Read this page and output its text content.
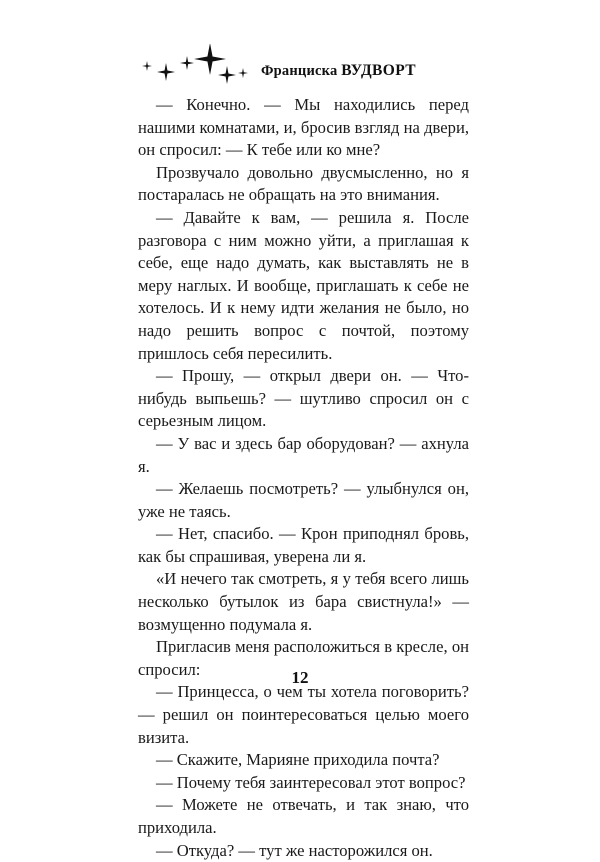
Франциска ВУДВОРТ

— Конечно. — Мы находились перед нашими комнатами, и, бросив взгляд на двери, он спросил: — К тебе или ко мне?

Прозвучало довольно двусмысленно, но я постаралась не обращать на это внимания.

— Давайте к вам, — решила я. После разговора с ним можно уйти, а приглашая к себе, еще надо думать, как выставлять не в меру наглых. И вообще, приглашать к себе не хотелось. И к нему идти желания не было, но надо решить вопрос с почтой, поэтому пришлось себя пересилить.

— Прошу, — открыл двери он. — Что-нибудь выпьешь? — шутливо спросил он с серьезным лицом.

— У вас и здесь бар оборудован? — ахнула я.

— Желаешь посмотреть? — улыбнулся он, уже не таясь.

— Нет, спасибо. — Крон приподнял бровь, как бы спрашивая, уверена ли я.

«И нечего так смотреть, я у тебя всего лишь несколько бутылок из бара свистнула!» — возмущенно подумала я.

Пригласив меня расположиться в кресле, он спросил:

— Принцесса, о чем ты хотела поговорить? — решил он поинтересоваться целью моего визита.

— Скажите, Марияне приходила почта?

— Почему тебя заинтересовал этот вопрос?

— Можете не отвечать, и так знаю, что приходила.

— Откуда? — тут же насторожился он.

12
